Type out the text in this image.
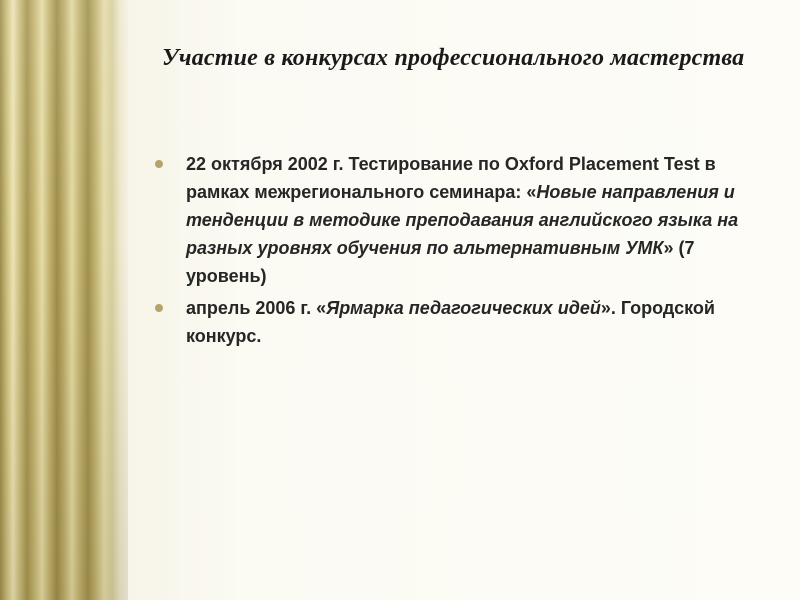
Участие в конкурсах профессионального мастерства
22 октября 2002 г. Тестирование по Oxford Placement Test в рамках межрегионального семинара: «Новые направления и тенденции в методике преподавания английского языка на разных уровнях обучения по альтернативным УМК» (7 уровень)
апрель 2006 г. «Ярмарка педагогических идей». Городской конкурс.
